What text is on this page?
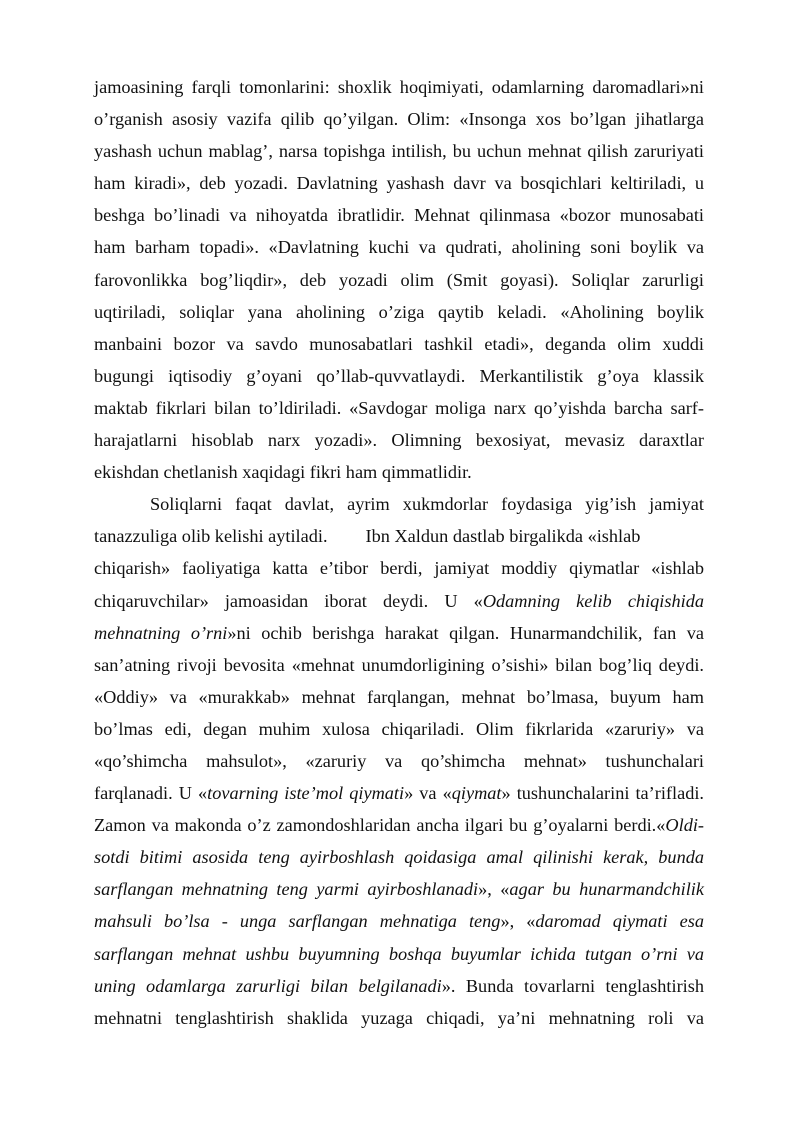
jamoasining farqli tomonlarini: shoxlik hoqimiyati, odamlarning daromadlari»ni
o’rganish asosiy vazifa qilib qo’yilgan. Olim: «Insonga xos bo’lgan jihatlarga
yashash uchun mablag’, narsa topishga intilish, bu uchun mehnat qilish zaruriyati
ham kiradi», deb yozadi. Davlatning yashash davr va bosqichlari keltiriladi, u
beshga bo’linadi va nihoyatda ibratlidir. Mehnat qilinmasa «bozor munosabati
ham barham topadi». «Davlatning kuchi va qudrati, aholining soni boylik va
farovonlikka bog’liqdir», deb yozadi olim (Smit goyasi). Soliqlar zarurligi
uqtiriladi, soliqlar yana aholining o’ziga qaytib keladi. «Aholining boylik
manbaini bozor va savdo munosabatlari tashkil etadi», deganda olim xuddi
bugungi iqtisodiy g’oyani qo’llab-quvvatlaydi. Merkantilistik g’oya klassik
maktab fikrlari bilan to’ldiriladi. «Savdogar moliga narx qo’yishda barcha sarf-
harajatlarni hisoblab narx yozadi». Olimning bexosiyat, mevasiz daraxtlar
ekishdan chetlanish xaqidagi fikri ham qimmatlidir.
Soliqlarni faqat davlat, ayrim xukmdorlar foydasiga yig’ish jamiyat
tanazzuliga olib kelishi aytiladi. Ibn Xaldun dastlab birgalikda «ishlab
chiqarish» faoliyatiga katta e’tibor berdi, jamiyat moddiy qiymatlar «ishlab
chiqaruvchilar» jamoasidan iborat deydi. U «Odamning kelib chiqishida
mehnatning o’rni»ni ochib berishga harakat qilgan. Hunarmandchilik, fan va
san’atning rivoji bevosita «mehnat unumdorligining o’sishi» bilan bog’liq deydi.
«Oddiy» va «murakkab» mehnat farqlangan, mehnat bo’lmasa, buyum ham
bo’lmas edi, degan muhim xulosa chiqariladi. Olim fikrlarida «zaruriy» va
«qo’shimcha mahsulot», «zaruriy va qo’shimcha mehnat» tushunchalari
farqlanadi. U «tovarning iste’mol qiymati» va «qiymat» tushunchalarini ta’rifladi.
Zamon va makonda o’z zamondoshlaridan ancha ilgari bu g’oyalarni berdi.«Oldi-
sotdi bitimi asosida teng ayirboshlash qoidasiga amal qilinishi kerak, bunda
sarflangan mehnatning teng yarmi ayirboshlanadi», «agar bu hunarmandchilik
mahsuli bo’lsa - unga sarflangan mehnatiga teng», «daromad qiymati esa
sarflangan mehnat ushbu buyumning boshqa buyumlar ichida tutgan o’rni va
uning odamlarga zarurligi bilan belgilanadi». Bunda tovarlarni tenglashtirish
mehnatni tenglashtirish shaklida yuzaga chiqadi, ya’ni mehnatning roli va
